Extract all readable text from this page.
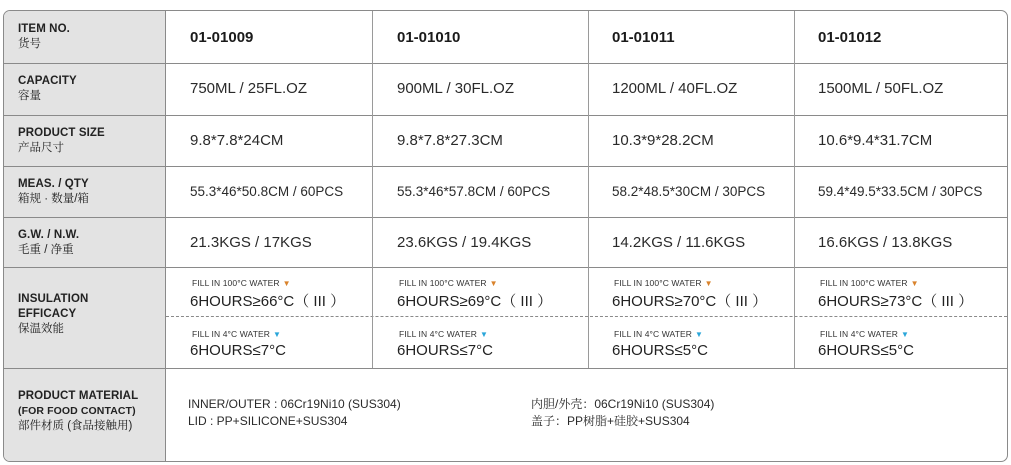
ITEM NO.
货号
CAPACITY
容量
PRODUCT SIZE
产品尺寸
MEAS. / QTY
箱规 · 数量/箱
G.W. / N.W.
毛重 / 净重
INSULATION
EFFICACY
保温效能
PRODUCT MATERIAL
(FOR FOOD CONTACT)
部件材质 (食品接触用)
01-01009
750ML / 25FL.OZ
9.8*7.8*24CM
55.3*46*50.8CM / 60PCS
21.3KGS / 17KGS
FILL IN 100°C WATER ▼
6HOURS≥66°C（ III ）
FILL IN 4°C WATER ▼
6HOURS≤7°C
01-01010
900ML / 30FL.OZ
9.8*7.8*27.3CM
55.3*46*57.8CM / 60PCS
23.6KGS / 19.4KGS
FILL IN 100°C WATER ▼
6HOURS≥69°C（ III ）
FILL IN 4°C WATER ▼
6HOURS≤7°C
01-01011
1200ML / 40FL.OZ
10.3*9*28.2CM
58.2*48.5*30CM / 30PCS
14.2KGS / 11.6KGS
FILL IN 100°C WATER ▼
6HOURS≥70°C（ III ）
FILL IN 4°C WATER ▼
6HOURS≤5°C
01-01012
1500ML / 50FL.OZ
10.6*9.4*31.7CM
59.4*49.5*33.5CM / 30PCS
16.6KGS / 13.8KGS
FILL IN 100°C WATER ▼
6HOURS≥73°C（ III ）
FILL IN 4°C WATER ▼
6HOURS≤5°C
INNER/OUTER : 06Cr19Ni10 (SUS304)
LID : PP+SILICONE+SUS304
内胆/外壳：06Cr19Ni10 (SUS304)
盖子：PP树脂+硅胶+SUS304
